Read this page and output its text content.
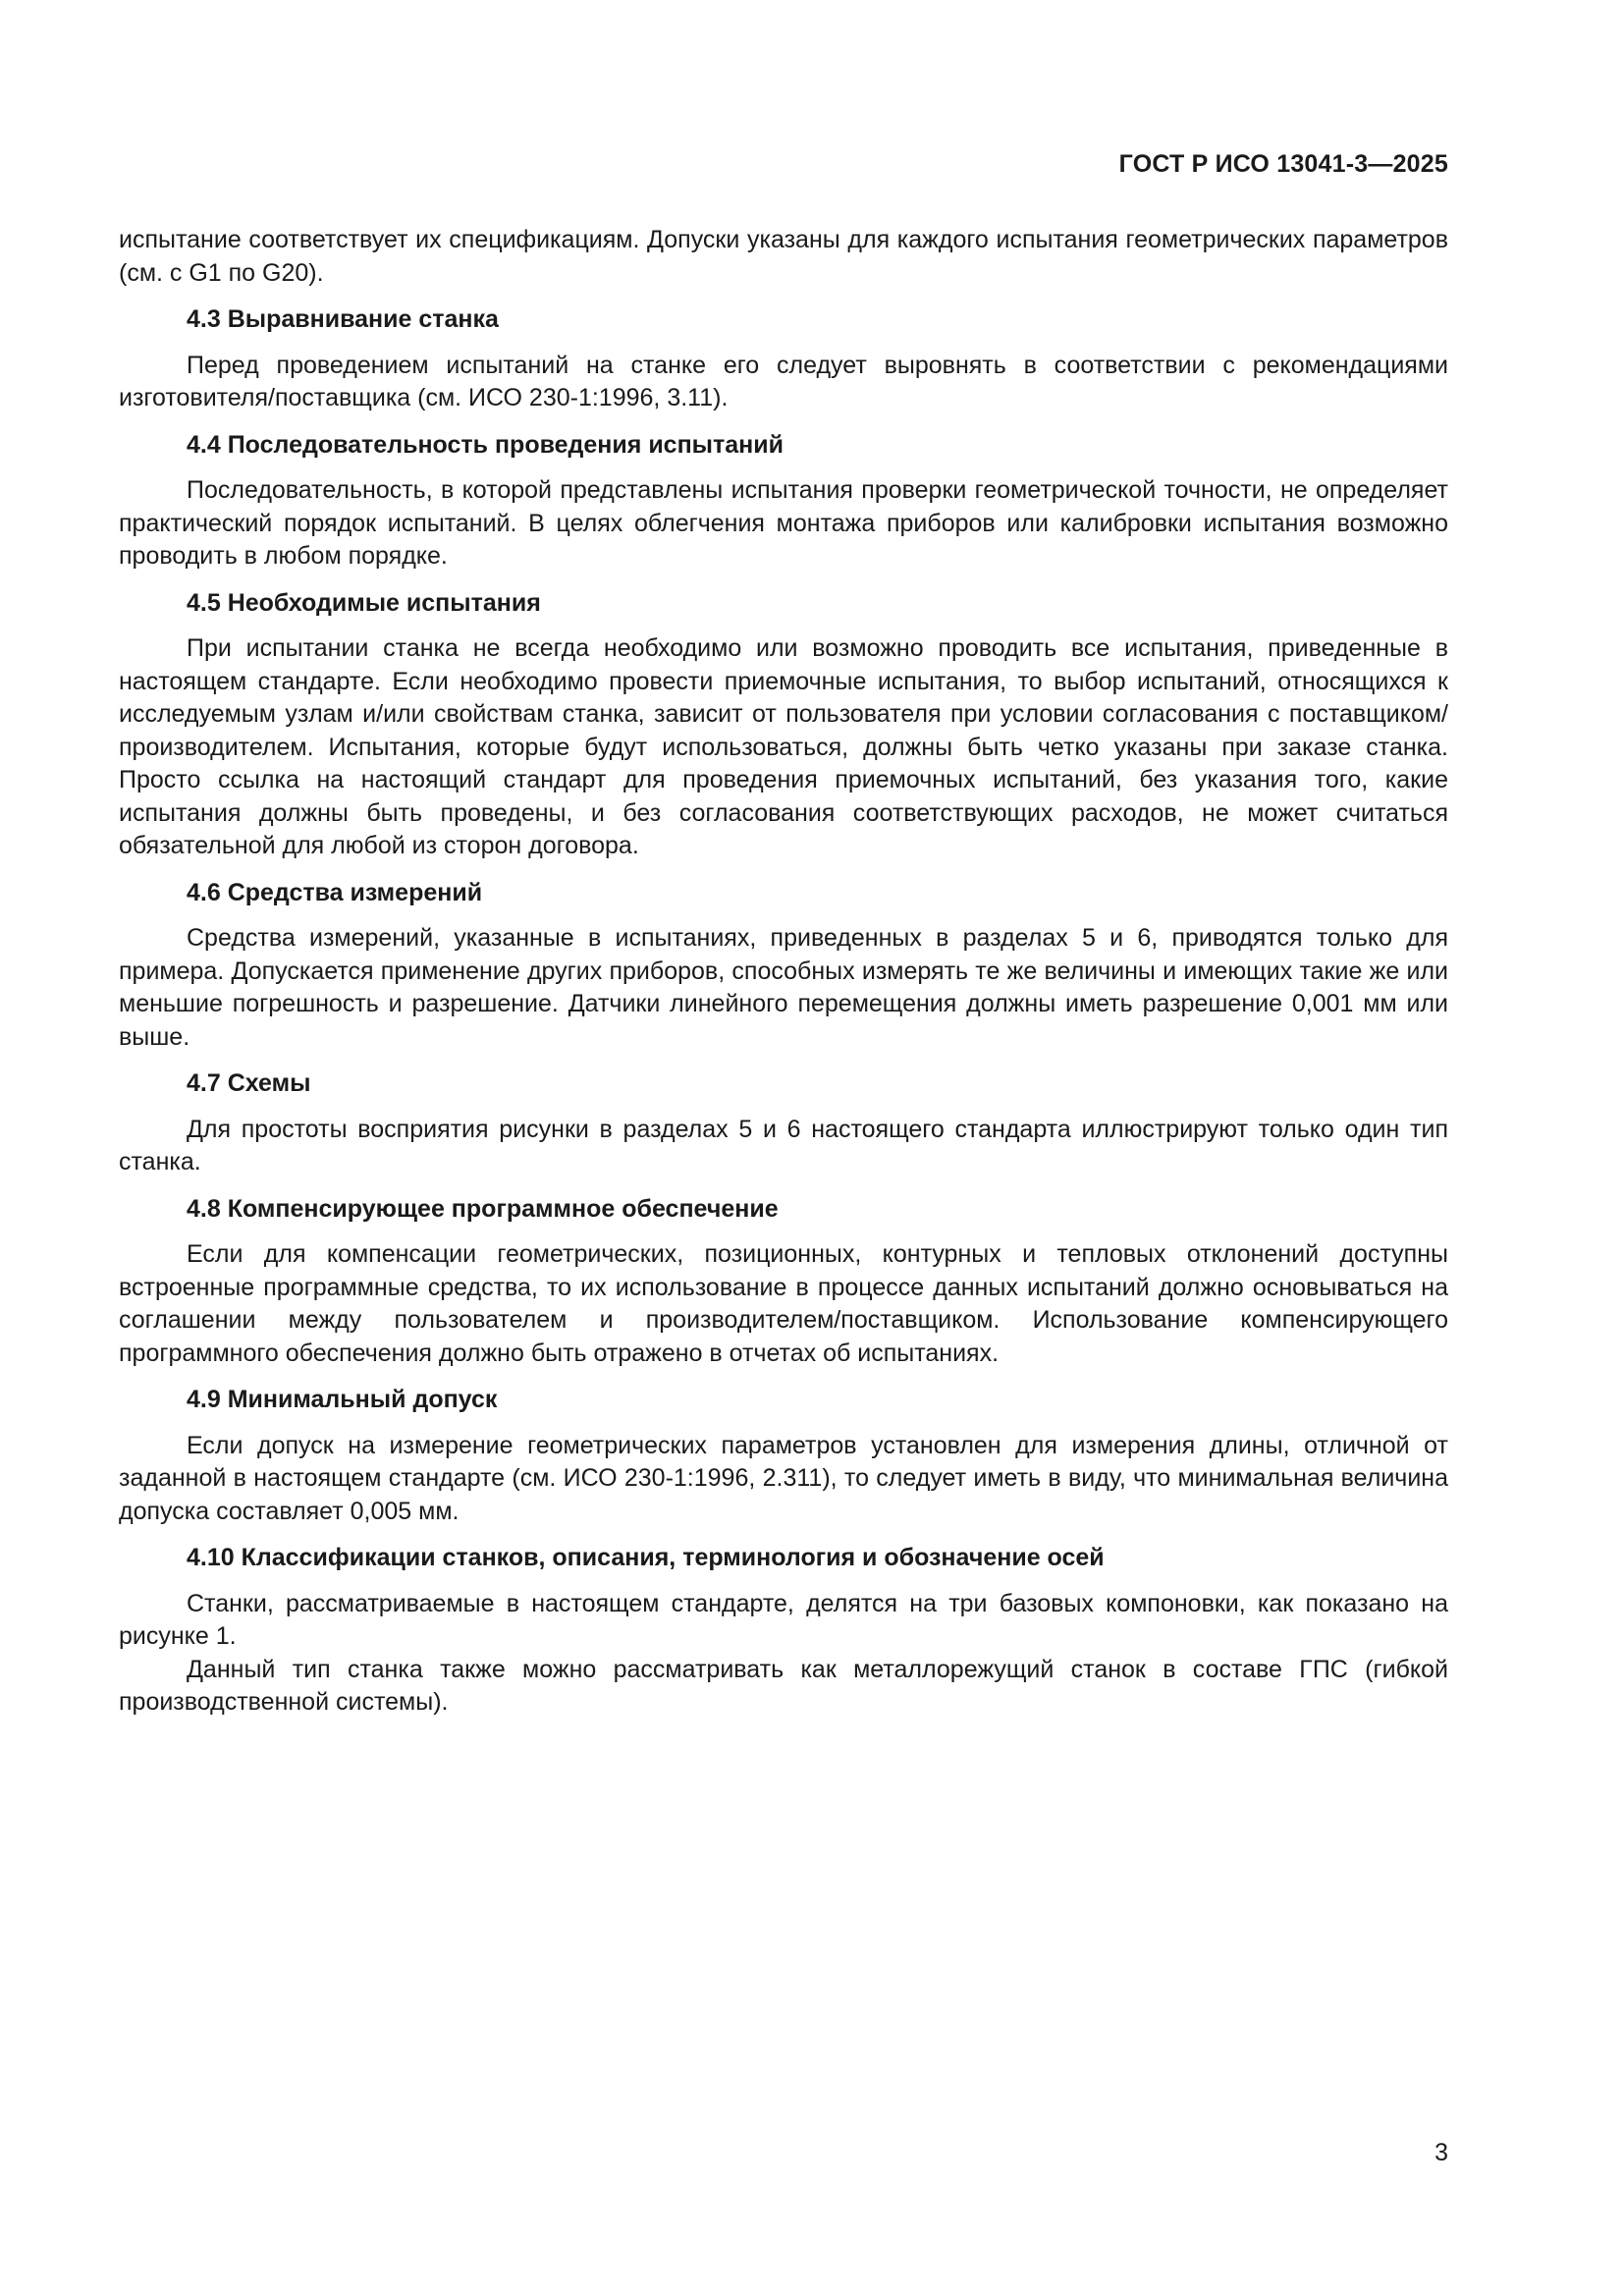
ГОСТ Р ИСО 13041-3—2025

испытание соответствует их спецификациям. Допуски указаны для каждого испытания геометрических параметров (см. с G1 по G20).

4.3 Выравнивание станка

Перед проведением испытаний на станке его следует выровнять в соответствии с рекомендациями изготовителя/поставщика (см. ИСО 230-1:1996, 3.11).

4.4 Последовательность проведения испытаний

Последовательность, в которой представлены испытания проверки геометрической точности, не определяет практический порядок испытаний. В целях облегчения монтажа приборов или калибровки испытания возможно проводить в любом порядке.

4.5 Необходимые испытания

При испытании станка не всегда необходимо или возможно проводить все испытания, приведенные в настоящем стандарте. Если необходимо провести приемочные испытания, то выбор испытаний, относящихся к исследуемым узлам и/или свойствам станка, зависит от пользователя при условии согласования с поставщиком/производителем. Испытания, которые будут использоваться, должны быть четко указаны при заказе станка. Просто ссылка на настоящий стандарт для проведения приемочных испытаний, без указания того, какие испытания должны быть проведены, и без согласования соответствующих расходов, не может считаться обязательной для любой из сторон договора.

4.6 Средства измерений

Средства измерений, указанные в испытаниях, приведенных в разделах 5 и 6, приводятся только для примера. Допускается применение других приборов, способных измерять те же величины и имеющих такие же или меньшие погрешность и разрешение. Датчики линейного перемещения должны иметь разрешение 0,001 мм или выше.

4.7 Схемы

Для простоты восприятия рисунки в разделах 5 и 6 настоящего стандарта иллюстрируют только один тип станка.

4.8 Компенсирующее программное обеспечение

Если для компенсации геометрических, позиционных, контурных и тепловых отклонений доступны встроенные программные средства, то их использование в процессе данных испытаний должно основываться на соглашении между пользователем и производителем/поставщиком. Использование компенсирующего программного обеспечения должно быть отражено в отчетах об испытаниях.

4.9 Минимальный допуск

Если допуск на измерение геометрических параметров установлен для измерения длины, отличной от заданной в настоящем стандарте (см. ИСО 230-1:1996, 2.311), то следует иметь в виду, что минимальная величина допуска составляет 0,005 мм.

4.10 Классификации станков, описания, терминология и обозначение осей

Станки, рассматриваемые в настоящем стандарте, делятся на три базовых компоновки, как показано на рисунке 1.

Данный тип станка также можно рассматривать как металлорежущий станок в составе ГПС (гибкой производственной системы).

3
